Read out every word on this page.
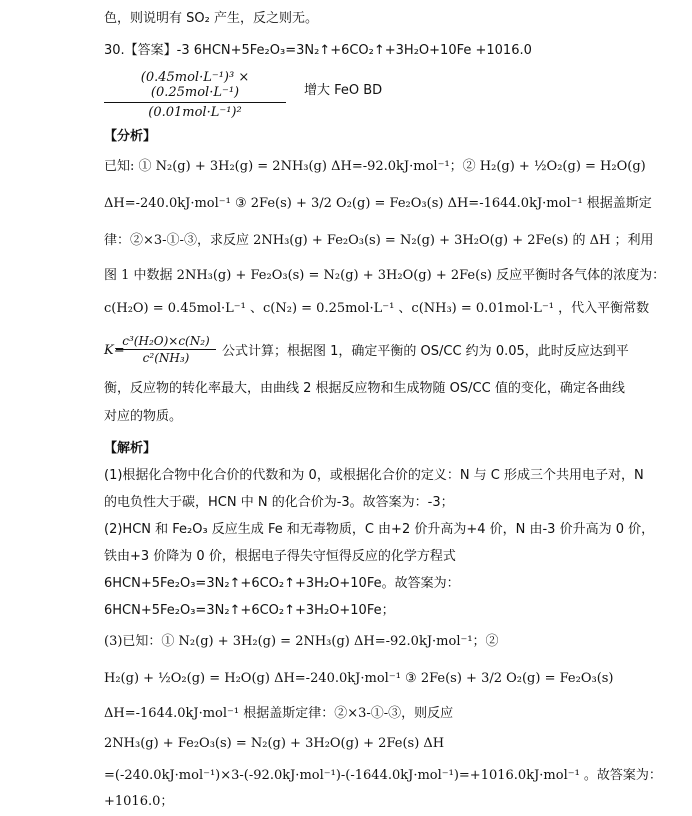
色，则说明有 SO₂ 产生，反之则无。
30.【答案】-3 6HCN+5Fe₂O₃=3N₂↑+6CO₂↑+3H₂O+10Fe +1016.0
(0.45mol·L⁻¹)³ × (0.25mol·L⁻¹)
(0.01mol·L⁻¹)²
增大 FeO BD
【分析】
已知: ① N₂(g) + 3H₂(g) = 2NH₃(g) ΔH=-92.0kJ·mol⁻¹；② H₂(g) + ½O₂(g) = H₂O(g)
ΔH=-240.0kJ·mol⁻¹ ③ 2Fe(s) + 3/2 O₂(g) = Fe₂O₃(s) ΔH=-1644.0kJ·mol⁻¹ 根据盖斯定
律：②×3-①-③，求反应 2NH₃(g) + Fe₂O₃(s) = N₂(g) + 3H₂O(g) + 2Fe(s) 的 ΔH ；利用
图 1 中数据 2NH₃(g) + Fe₂O₃(s) = N₂(g) + 3H₂O(g) + 2Fe(s) 反应平衡时各气体的浓度为：
c(H₂O) = 0.45mol·L⁻¹ 、c(N₂) = 0.25mol·L⁻¹ 、c(NH₃) = 0.01mol·L⁻¹ ，代入平衡常数
K=
$\frac{\text{c³(H₂O)×c(N₂)}}{\text{c²(NH₃)}}$ 公式计算；根据图 1，确定平衡的 OS/CC 约为 0.05，此时反应达到平
衡，反应物的转化率最大，由曲线 2 根据反应物和生成物随 OS/CC 值的变化，确定各曲线
对应的物质。
【解析】
(1)根据化合物中化合价的代数和为 0，或根据化合价的定义：N 与 C 形成三个共用电子对，N
的电负性大于碳，HCN 中 N 的化合价为-3。故答案为：-3；
(2)HCN 和 Fe₂O₃ 反应生成 Fe 和无毒物质，C 由+2 价升高为+4 价，N 由-3 价升高为 0 价，
铁由+3 价降为 0 价，根据电子得失守恒得反应的化学方程式
6HCN+5Fe₂O₃=3N₂↑+6CO₂↑+3H₂O+10Fe。故答案为：
6HCN+5Fe₂O₃=3N₂↑+6CO₂↑+3H₂O+10Fe；
(3)已知：① N₂(g) + 3H₂(g) = 2NH₃(g) ΔH=-92.0kJ·mol⁻¹；②
H₂(g) + ½O₂(g) = H₂O(g) ΔH=-240.0kJ·mol⁻¹ ③ 2Fe(s) + 3/2 O₂(g) = Fe₂O₃(s)
ΔH=-1644.0kJ·mol⁻¹ 根据盖斯定律：②×3-①-③，则反应
2NH₃(g) + Fe₂O₃(s) = N₂(g) + 3H₂O(g) + 2Fe(s) ΔH
=(-240.0kJ·mol⁻¹)×3-(-92.0kJ·mol⁻¹)-(-1644.0kJ·mol⁻¹)=+1016.0kJ·mol⁻¹ 。故答案为：
+1016.0；
